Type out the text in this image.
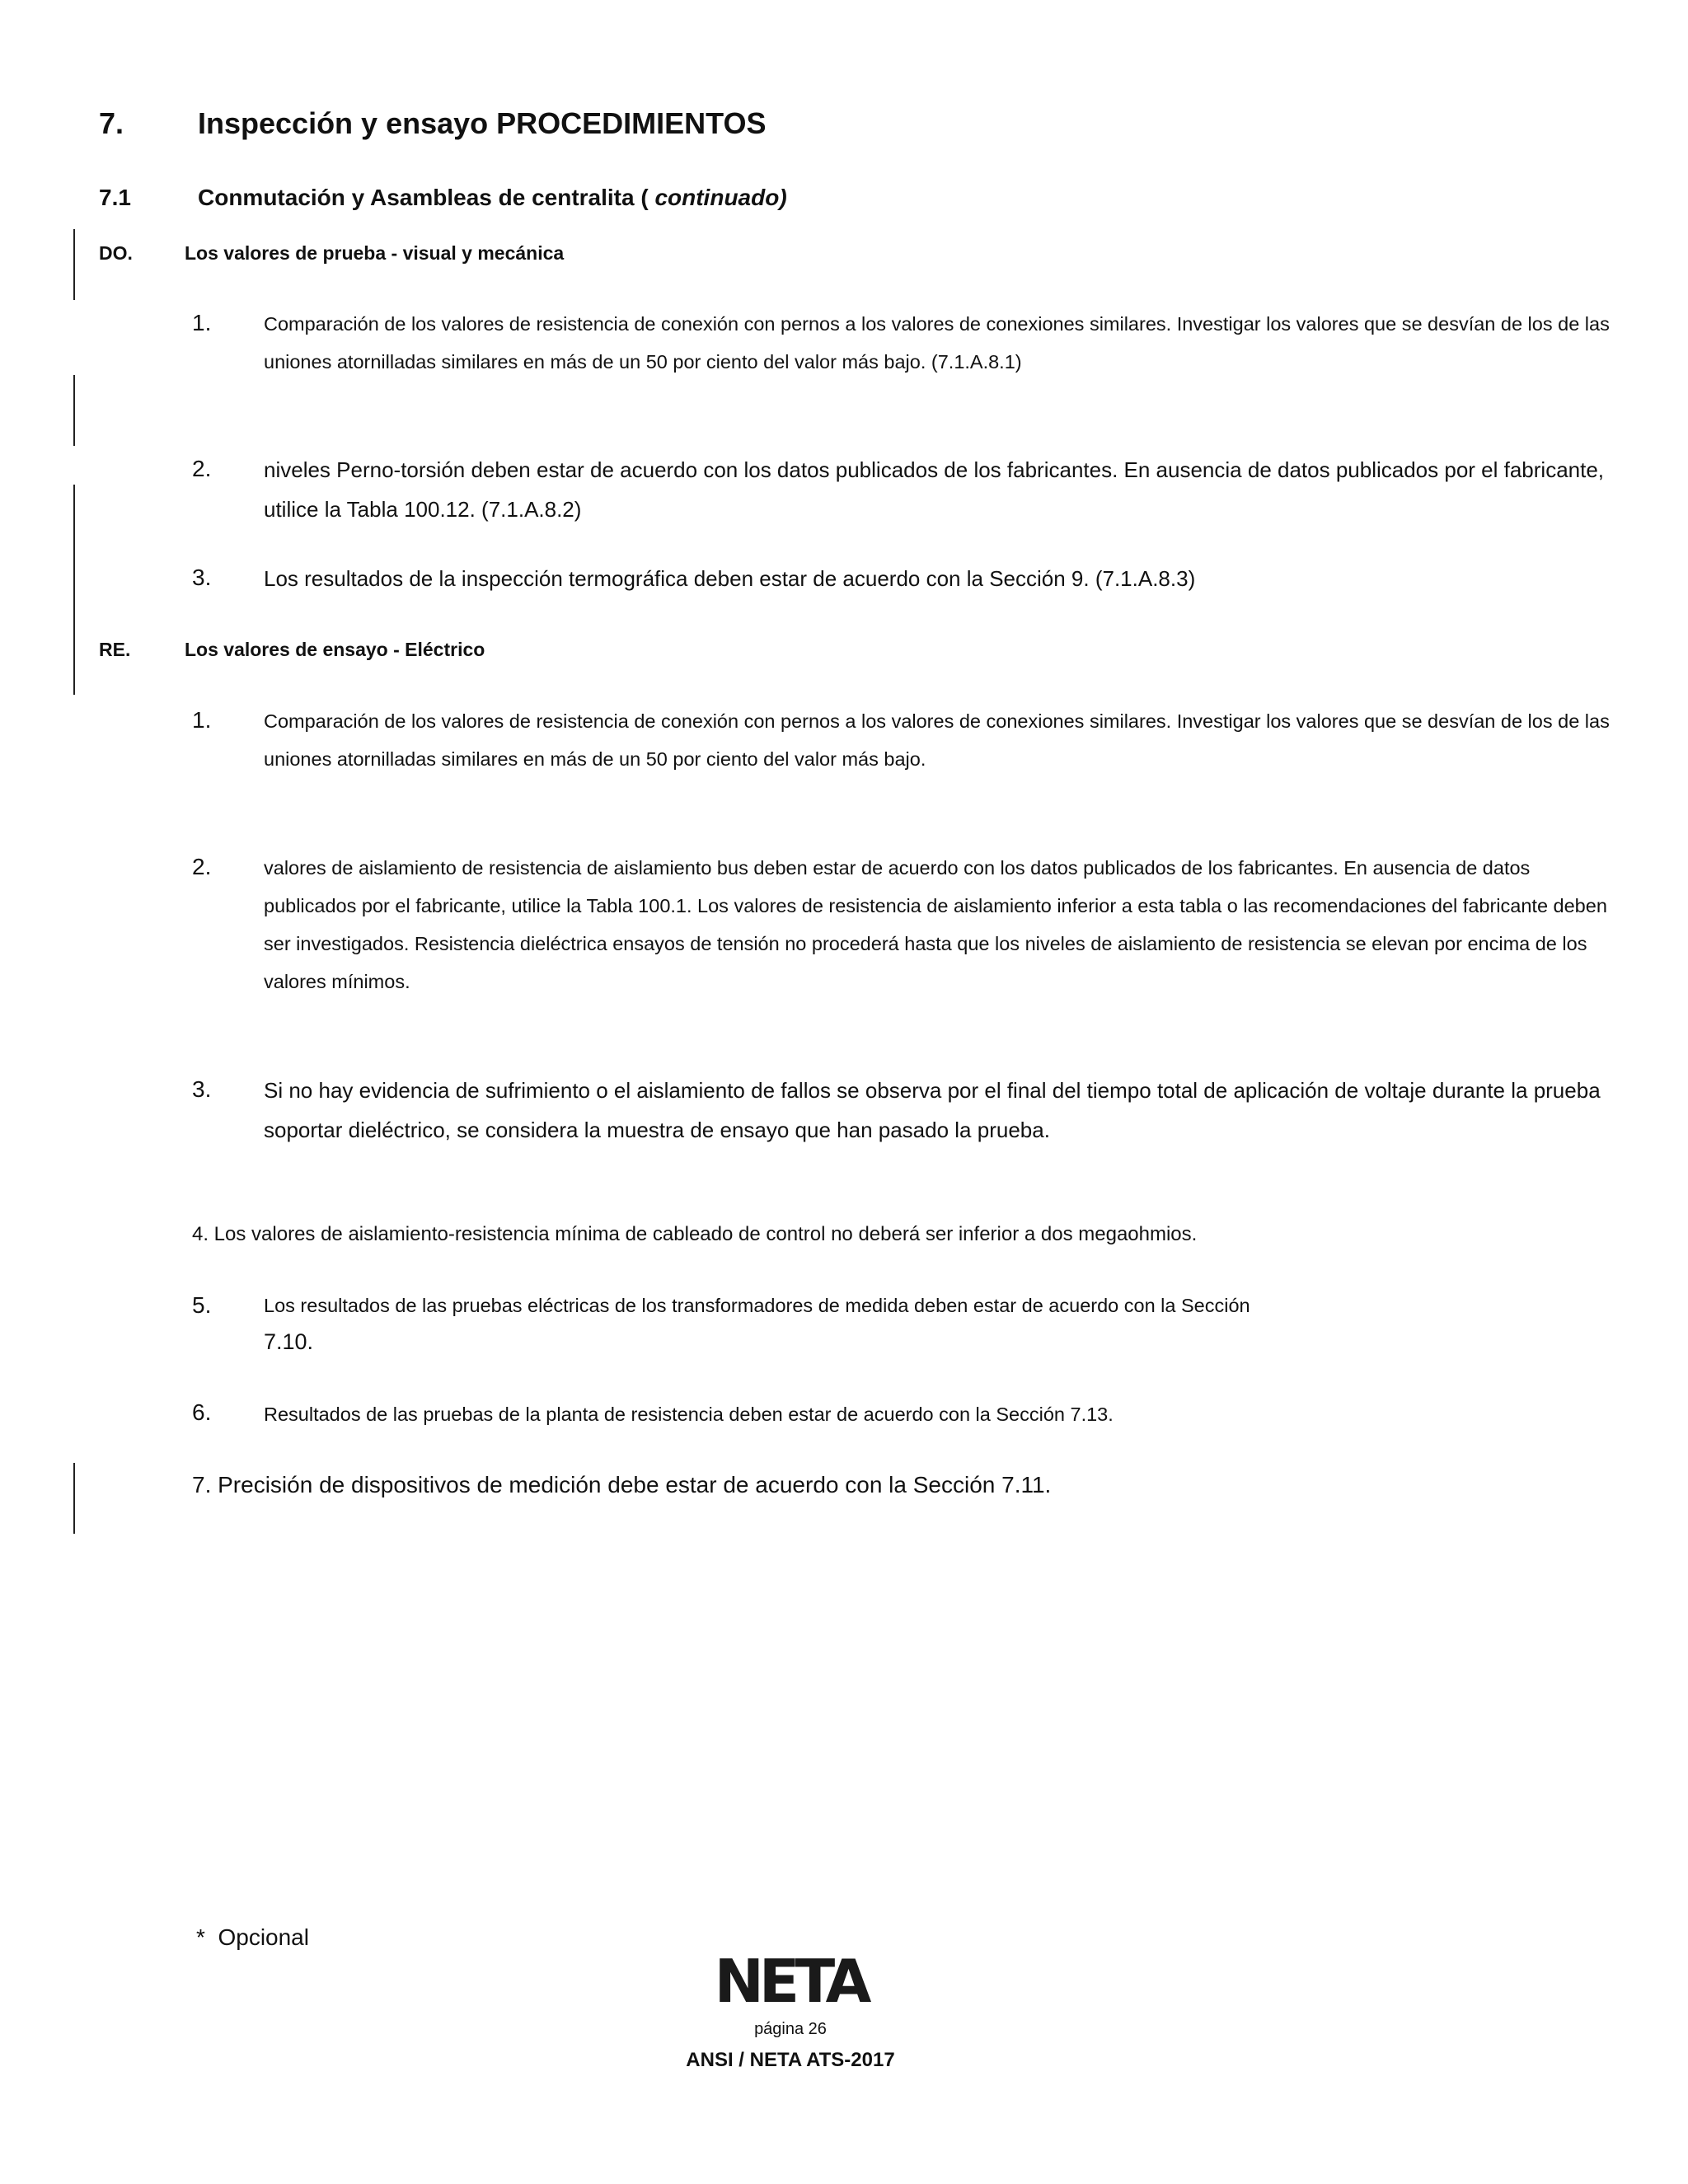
7. Inspección y ensayo PROCEDIMIENTOS
7.1	Conmutación y Asambleas de centralita ( continuado)
DO.	Los valores de prueba - visual y mecánica
1.	Comparación de los valores de resistencia de conexión con pernos a los valores de conexiones similares. Investigar los valores que se desvían de los de las uniones atornilladas similares en más de un 50 por ciento del valor más bajo. (7.1.A.8.1)
2. niveles Perno-torsión deben estar de acuerdo con los datos publicados de los fabricantes. En ausencia de datos publicados por el fabricante, utilice la Tabla 100.12. (7.1.A.8.2)
3. Los resultados de la inspección termográfica deben estar de acuerdo con la Sección 9. (7.1.A.8.3)
RE.	Los valores de ensayo - Eléctrico
1.	Comparación de los valores de resistencia de conexión con pernos a los valores de conexiones similares. Investigar los valores que se desvían de los de las uniones atornilladas similares en más de un 50 por ciento del valor más bajo.
2.	valores de aislamiento de resistencia de aislamiento bus deben estar de acuerdo con los datos publicados de los fabricantes. En ausencia de datos publicados por el fabricante, utilice la Tabla 100.1. Los valores de resistencia de aislamiento inferior a esta tabla o las recomendaciones del fabricante deben ser investigados. Resistencia dieléctrica ensayos de tensión no procederá hasta que los niveles de aislamiento de resistencia se elevan por encima de los valores mínimos.
3. Si no hay evidencia de sufrimiento o el aislamiento de fallos se observa por el final del tiempo total de aplicación de voltaje durante la prueba soportar dieléctrico, se considera la muestra de ensayo que han pasado la prueba.
4. Los valores de aislamiento-resistencia mínima de cableado de control no deberá ser inferior a dos megaohmios.
5.	Los resultados de las pruebas eléctricas de los transformadores de medida deben estar de acuerdo con la Sección
7.10.
6.	Resultados de las pruebas de la planta de resistencia deben estar de acuerdo con la Sección 7.13.
7. Precisión de dispositivos de medición debe estar de acuerdo con la Sección 7.11.
* Opcional
NETA
página 26
ANSI / NETA ATS-2017
